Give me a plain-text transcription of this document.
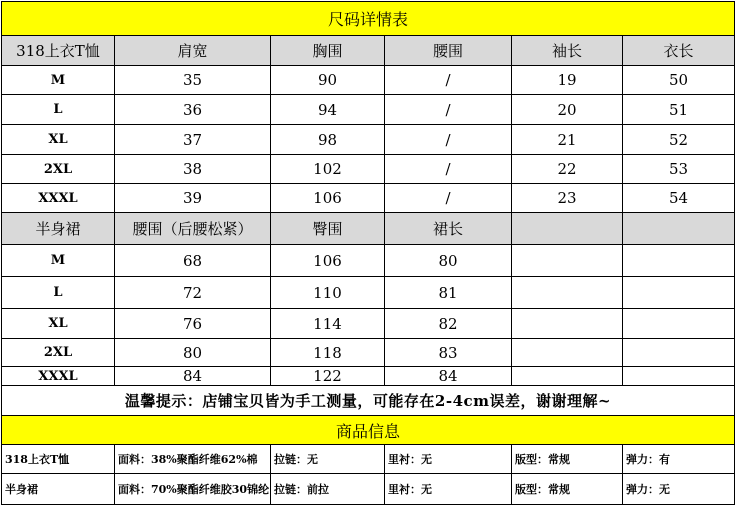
尺码详情表					
318上衣T恤	肩宽	胸围	腰围	袖长	衣长
M	35	90	/	19	50
L	36	94	/	20	51
XL	37	98	/	21	52
2XL	38	102	/	22	53
XXXL	39	106	/	23	54
半身裙	腰围（后腰松紧）	臀围	裙长		
M	68	106	80		
L	72	110	81		
XL	76	114	82		
2XL	80	118	83		
XXXL	84	122	84		
温馨提示：店铺宝贝皆为手工测量，可能存在2-4cm误差，谢谢理解~					
商品信息					
318上衣T恤	面料：38%聚酯纤维62%棉	拉链：无	里衬：无	版型：常规	弹力：有
半身裙	面料：70%聚酯纤维胶30锦纶	拉链：前拉	里衬：无	版型：常规	弹力：无
